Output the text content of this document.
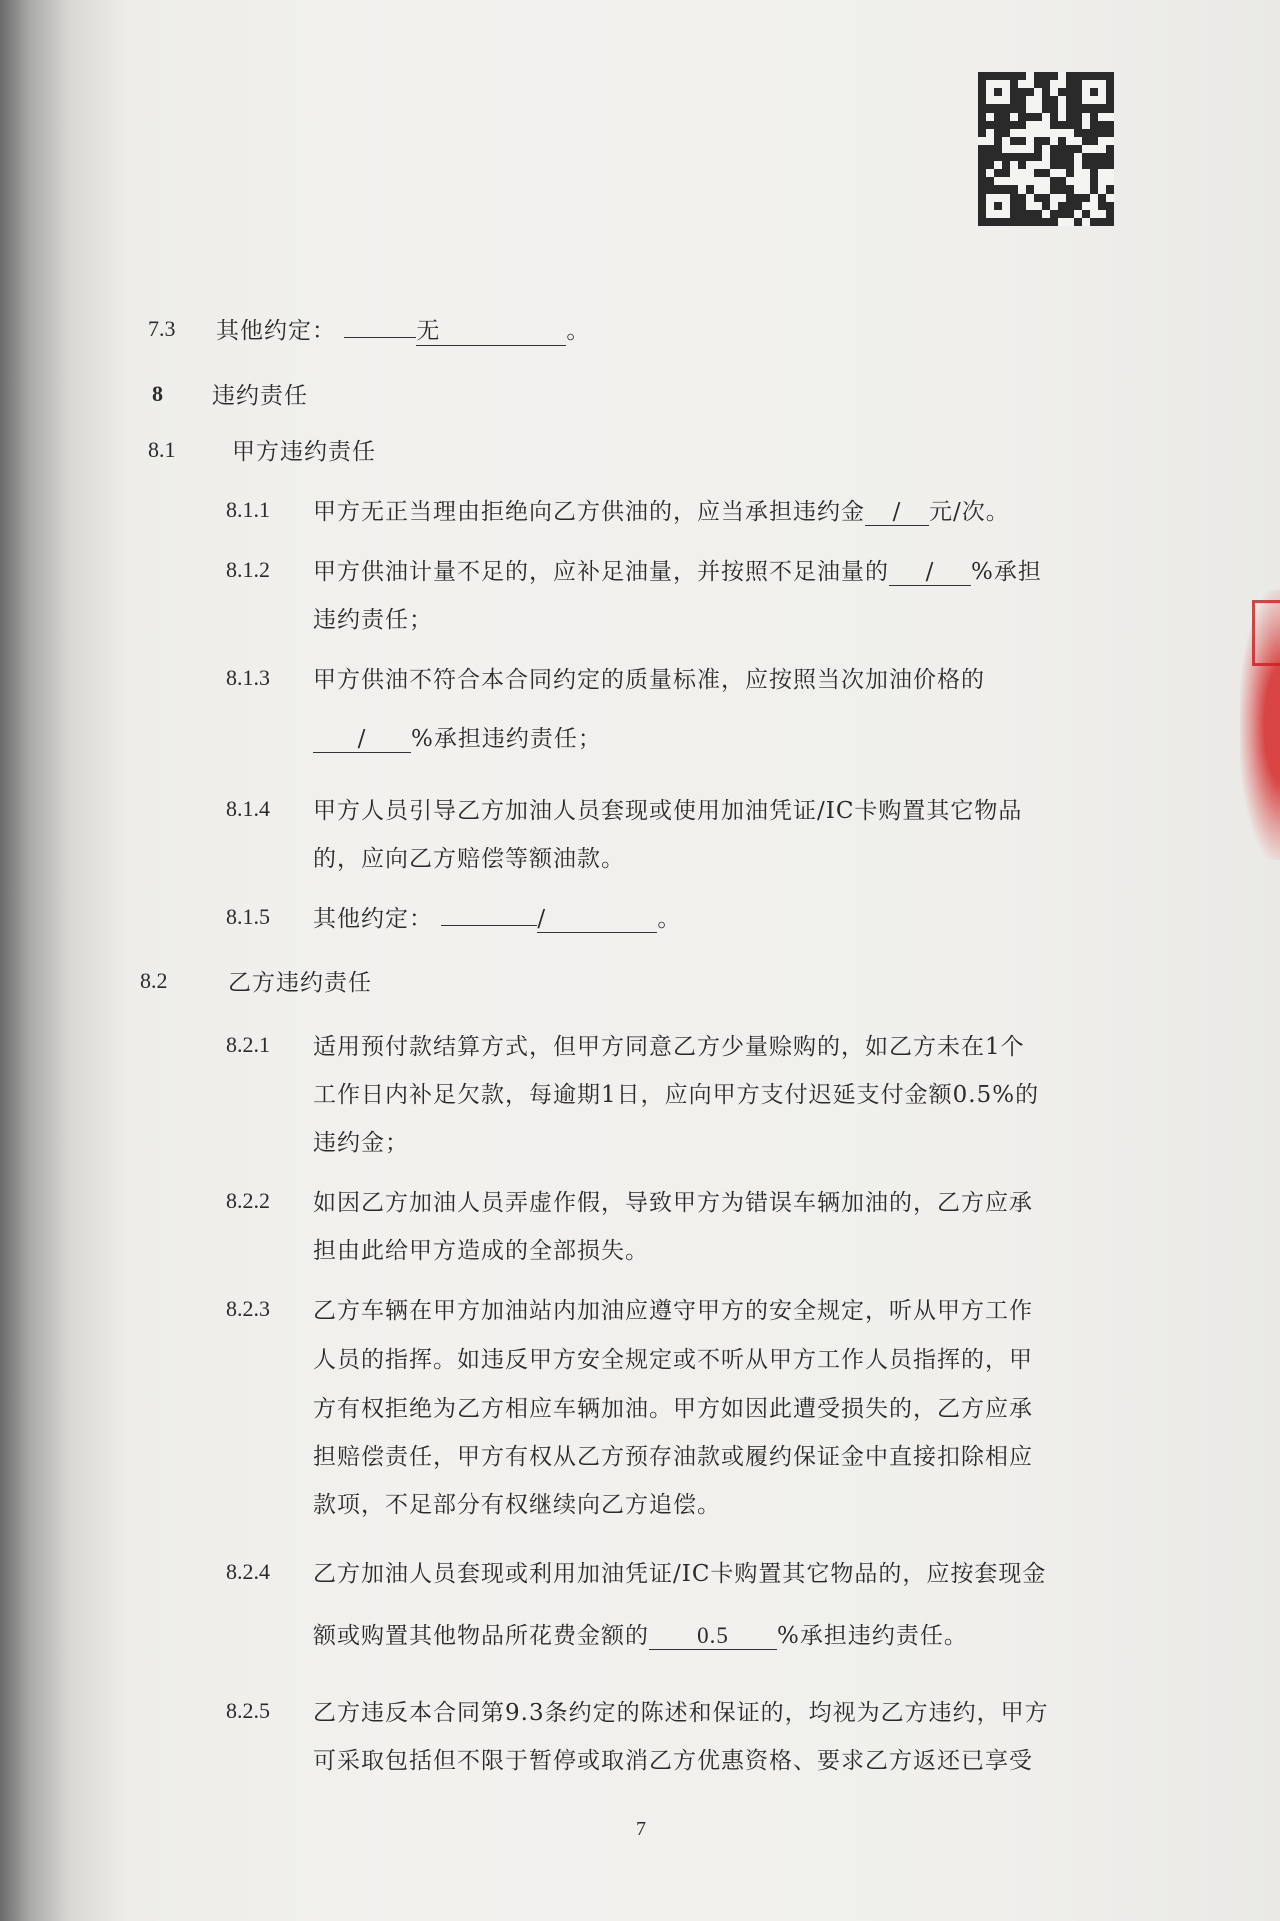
7.3 其他约定：	无	。
8 违约责任
8.1 甲方违约责任
8.1.1 甲方无正当理由拒绝向乙方供油的，应当承担违约金 / 元/次。
8.1.2 甲方供油计量不足的，应补足油量，并按照不足油量的 / %承担
违约责任；
8.1.3 甲方供油不符合本合同约定的质量标准，应按照当次加油价格的
/ %承担违约责任；
8.1.4 甲方人员引导乙方加油人员套现或使用加油凭证/IC卡购置其它物品
的，应向乙方赔偿等额油款。
8.1.5 其他约定：	/	。
8.2	乙方违约责任
8.2.1 适用预付款结算方式，但甲方同意乙方少量赊购的，如乙方未在1个
工作日内补足欠款，每逾期1日，应向甲方支付迟延支付金额0.5%的
违约金；
8.2.2 如因乙方加油人员弄虚作假，导致甲方为错误车辆加油的，乙方应承
担由此给甲方造成的全部损失。
8.2.3 乙方车辆在甲方加油站内加油应遵守甲方的安全规定，听从甲方工作
人员的指挥。如违反甲方安全规定或不听从甲方工作人员指挥的，甲
方有权拒绝为乙方相应车辆加油。甲方如因此遭受损失的，乙方应承
担赔偿责任，甲方有权从乙方预存油款或履约保证金中直接扣除相应
款项，不足部分有权继续向乙方追偿。
8.2.4 乙方加油人员套现或利用加油凭证/IC卡购置其它物品的，应按套现金
额或购置其他物品所花费金额的 0.5 %承担违约责任。
8.2.5 乙方违反本合同第9.3条约定的陈述和保证的，均视为乙方违约，甲方
可采取包括但不限于暂停或取消乙方优惠资格、要求乙方返还已享受
7
